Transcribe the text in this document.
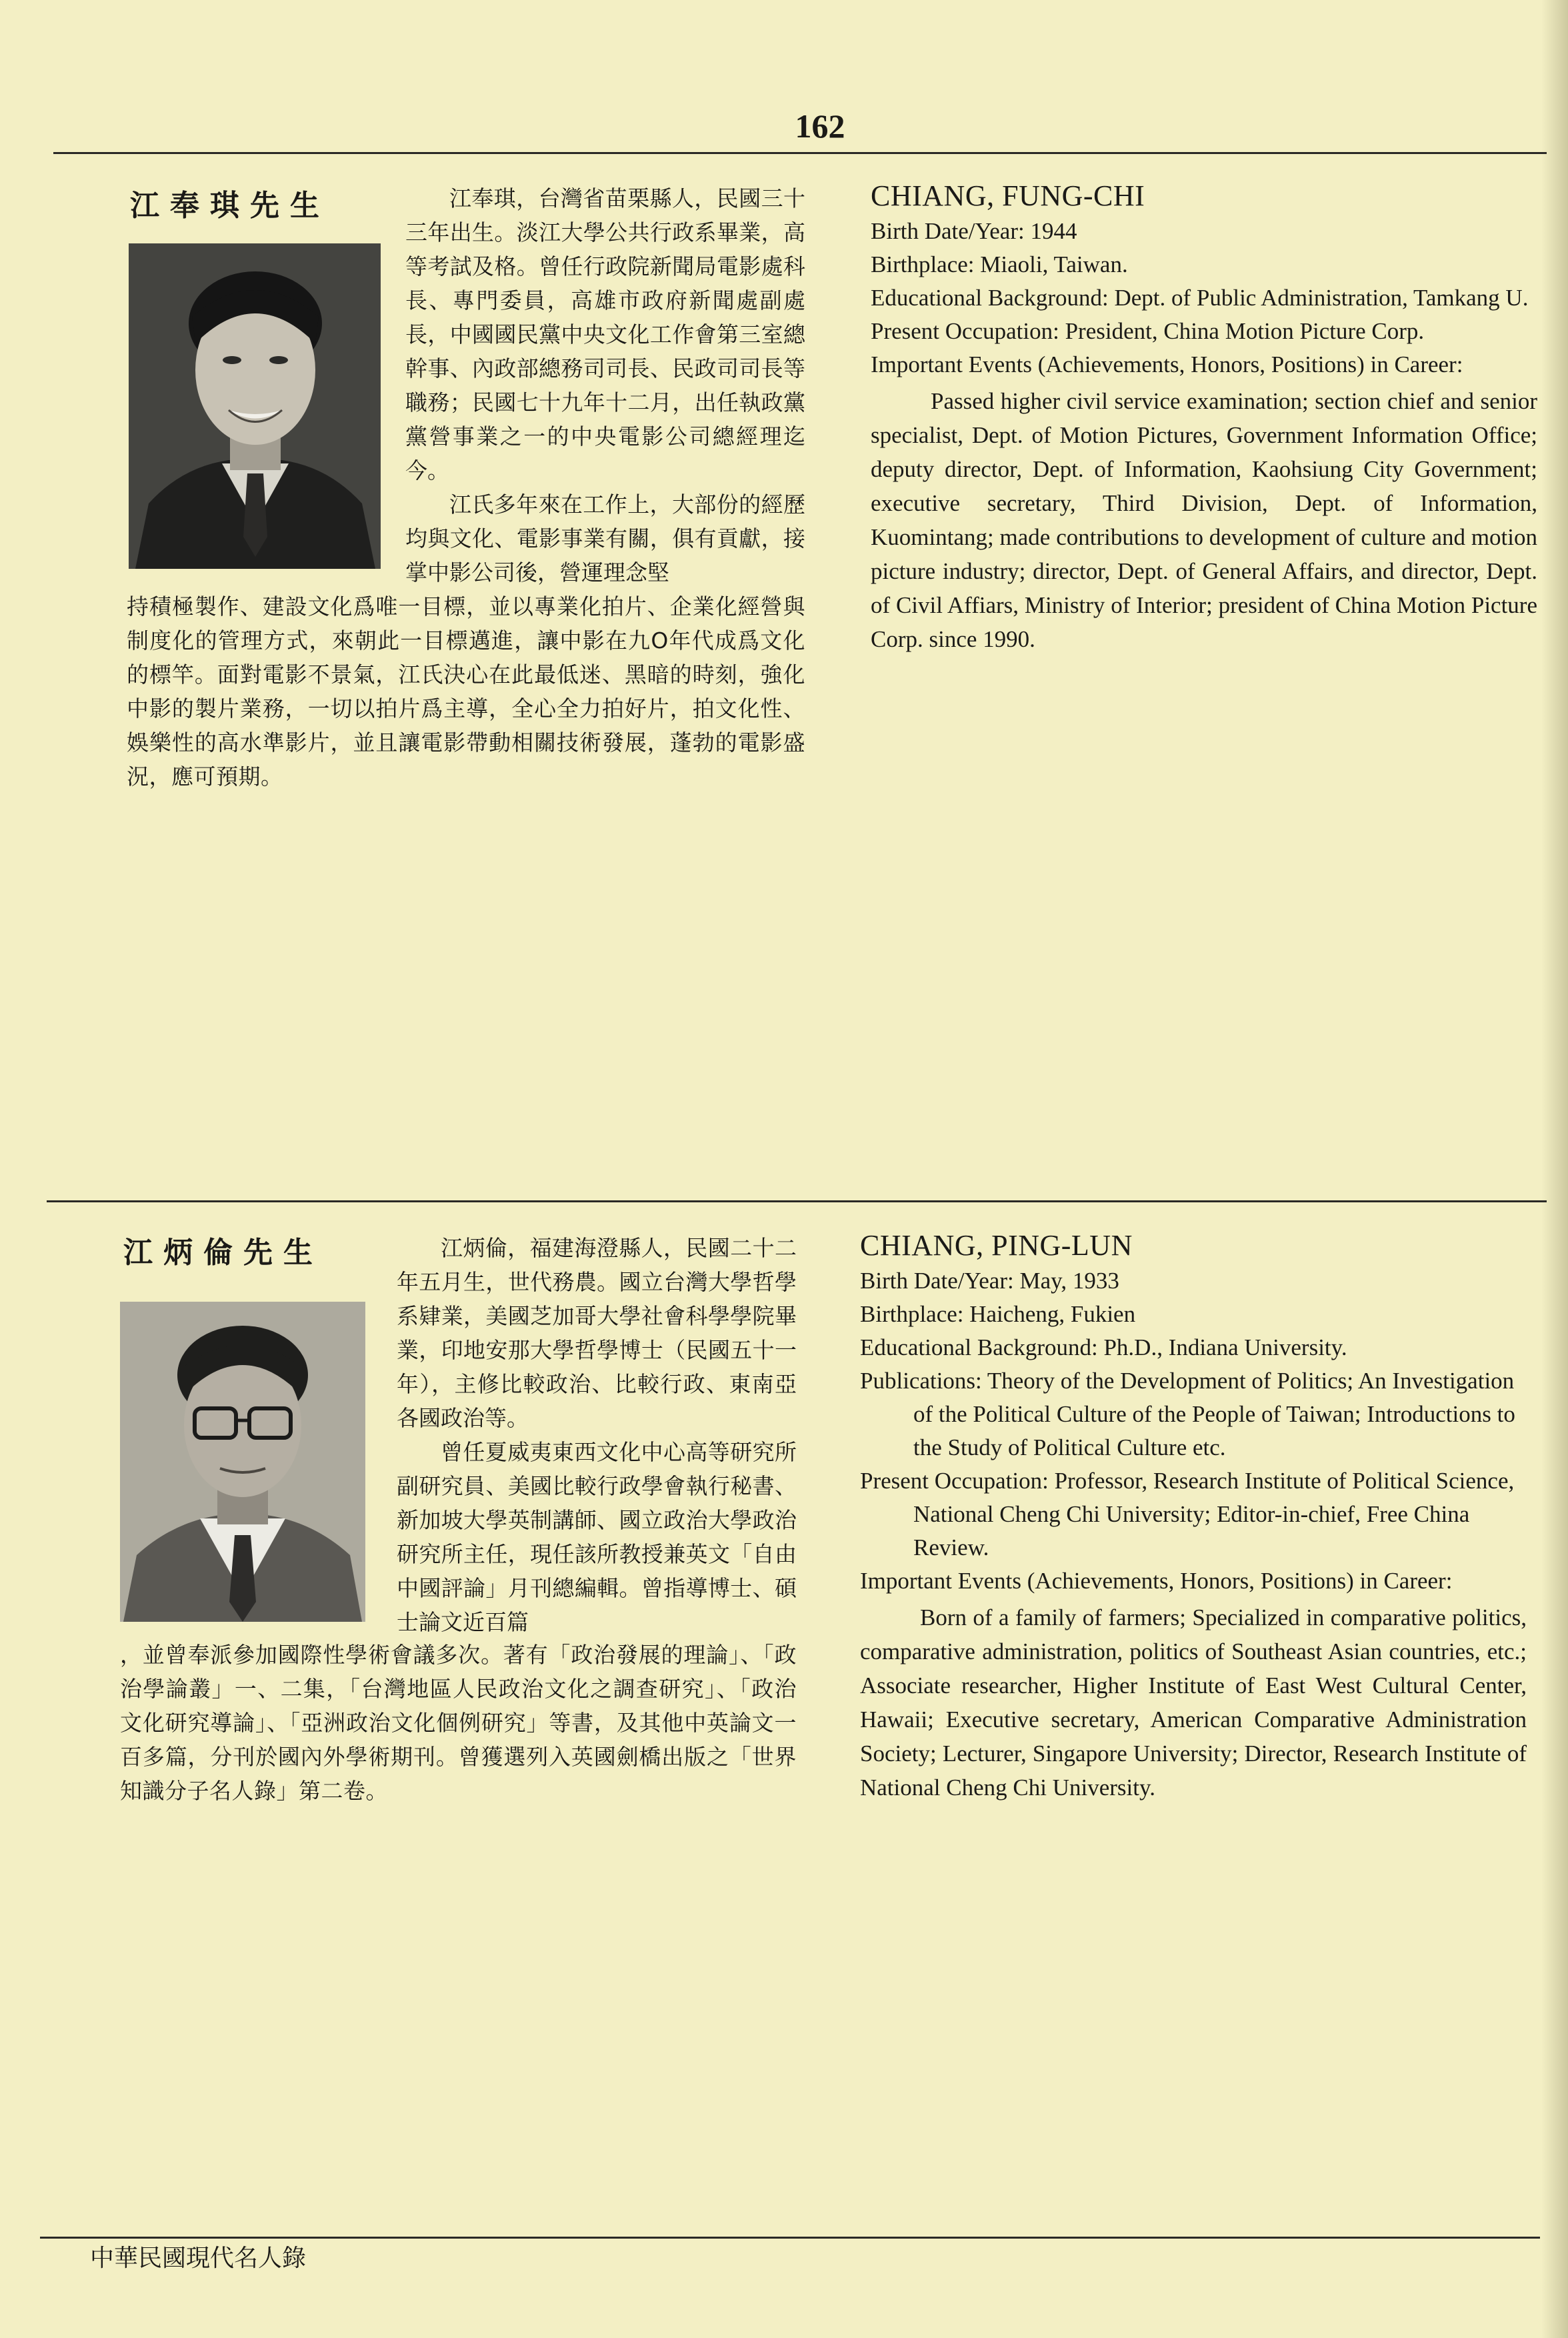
162
江奉琪先生	江奉琪，台灣省苗栗縣人，民國三十三年出生。淡江大學公共行政系畢業，高等考試及格。曾任行政院新聞局電影處科長、專門委員，高雄市政府新聞處副處長，中國國民黨中央文化工作會第三室總幹事、內政部總務司司長、民政司司長等職務；民國七十九年十二月，出任執政黨黨營事業之一的中央電影公司總經理迄今。

江氏多年來在工作上，大部份的經歷均與文化、電影事業有關，俱有貢獻，接掌中影公司後，營運理念堅

持積極製作、建設文化爲唯一目標，並以專業化拍片、企業化經營與制度化的管理方式，來朝此一目標邁進，讓中影在九O年代成爲文化的標竿。面對電影不景氣，江氏決心在此最低迷、黑暗的時刻，強化中影的製片業務，一切以拍片爲主導，全心全力拍好片，拍文化性、娛樂性的高水準影片，並且讓電影帶動相關技術發展，蓬勃的電影盛況，應可預期。

CHIANG, FUNG-CHI

Birth Date/Year: 1944

Birthplace: Miaoli, Taiwan.

Educational Background: Dept. of Public Administration, Tamkang U.

Present Occupation: President, China Motion Picture Corp.

Important Events (Achievements, Honors, Positions) in Career:

Passed higher civil service examination; section chief and senior specialist, Dept. of Motion Pictures, Government Information Office; deputy director, Dept. of Information, Kaohsiung City Government; executive secretary, Third Division, Dept. of Information, Kuomintang; made contributions to development of culture and motion picture industry; director, Dept. of General Affairs, and director, Dept. of Civil Affiars, Ministry of Interior; president of China Motion Picture Corp. since 1990.

江炳倫先生	江炳倫，福建海澄縣人，民國二十二年五月生，世代務農。國立台灣大學哲學系肄業，美國芝加哥大學社會科學學院畢業，印地安那大學哲學博士（民國五十一年），主修比較政治、比較行政、東南亞各國政治等。

曾任夏威夷東西文化中心高等研究所副研究員、美國比較行政學會執行秘書、新加坡大學英制講師、國立政治大學政治研究所主任，現任該所教授兼英文「自由中國評論」月刊總編輯。曾指導博士、碩士論文近百篇

，並曾奉派參加國際性學術會議多次。著有「政治發展的理論」、「政治學論叢」一、二集，「台灣地區人民政治文化之調查研究」、「政治文化研究導論」、「亞洲政治文化個例研究」等書，及其他中英論文一百多篇，分刊於國內外學術期刊。曾獲選列入英國劍橋出版之「世界知識分子名人錄」第二卷。

CHIANG, PING-LUN

Birth Date/Year: May, 1933

Birthplace: Haicheng, Fukien

Educational Background: Ph.D., Indiana University.

Publications: Theory of the Development of Politics; An Investigation of the Political Culture of the People of Taiwan; Introductions to the Study of Political Culture etc.

Present Occupation: Professor, Research Institute of Political Science, National Cheng Chi University; Editor-in-chief, Free China Review.

Important Events (Achievements, Honors, Positions) in Career:

Born of a family of farmers; Specialized in comparative politics, comparative administration, politics of Southeast Asian countries, etc.; Associate researcher, Higher Institute of East West Cultural Center, Hawaii; Executive secretary, American Comparative Administration Society; Lecturer, Singapore University; Director, Research Institute of National Cheng Chi University.

中華民國現代名人錄
